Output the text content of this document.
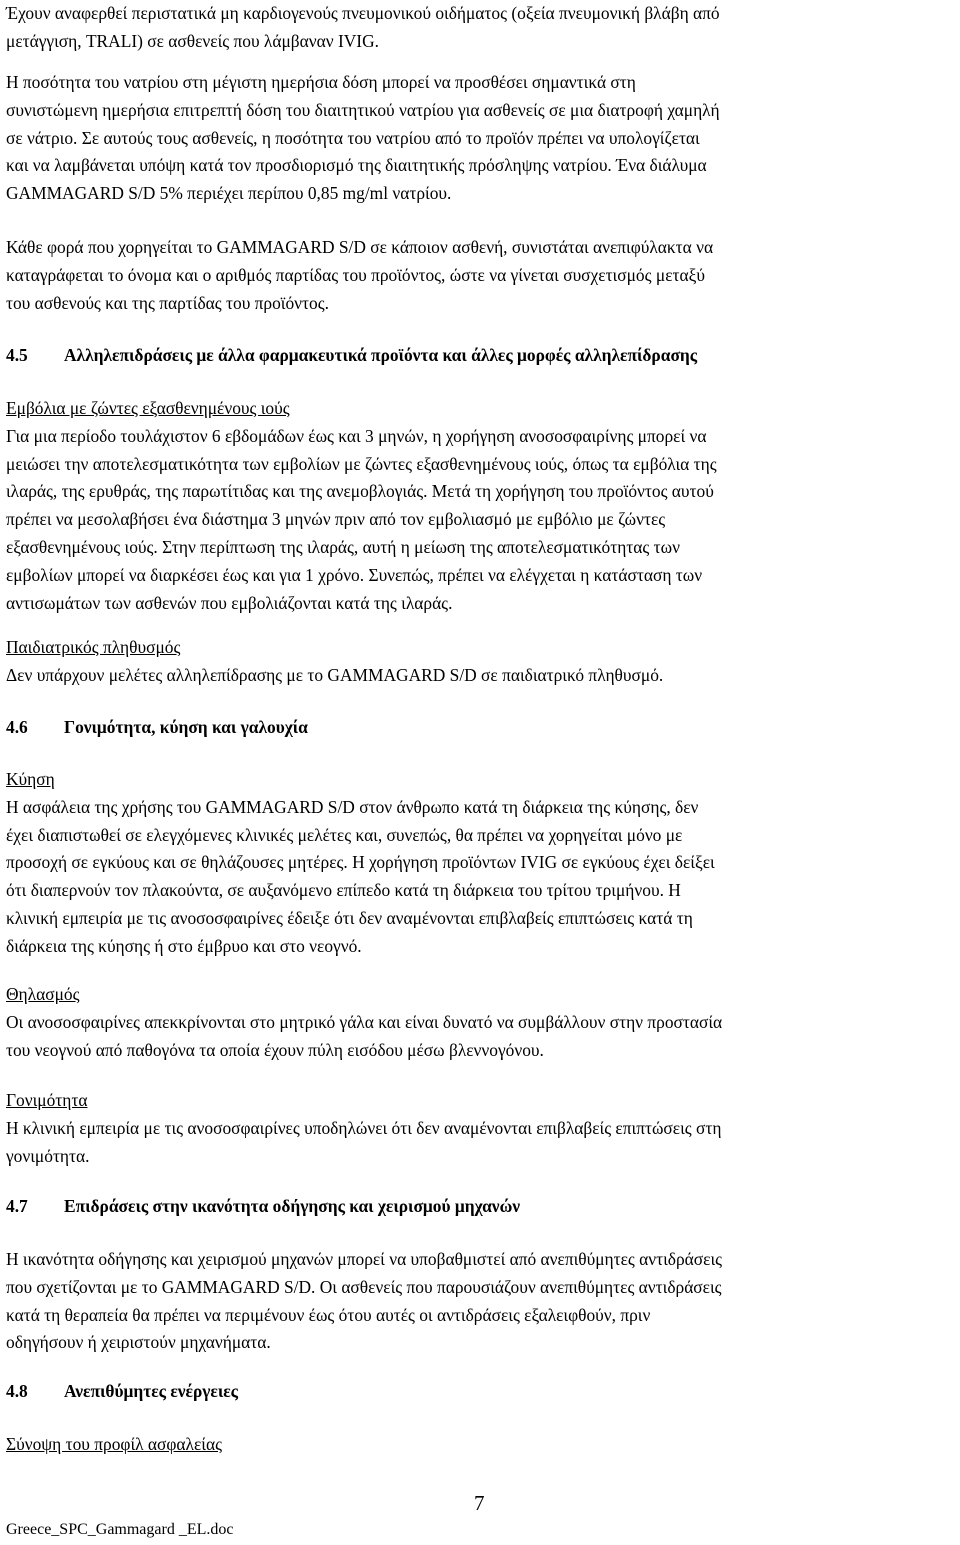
Έχουν αναφερθεί περιστατικά μη καρδιογενούς πνευμονικού οιδήματος (οξεία πνευμονική βλάβη από

μετάγγιση, TRALI) σε ασθενείς που λάμβαναν IVIG.

Η ποσότητα του νατρίου στη μέγιστη ημερήσια δόση μπορεί να προσθέσει σημαντικά στη

συνιστώμενη ημερήσια επιτρεπτή δόση του διαιτητικού νατρίου για ασθενείς σε μια διατροφή χαμηλή

σε νάτριο. Σε αυτούς τους ασθενείς, η ποσότητα του νατρίου από το προϊόν πρέπει να υπολογίζεται

και να λαμβάνεται υπόψη κατά τον προσδιορισμό της διαιτητικής πρόσληψης νατρίου. Ένα διάλυμα

GAMMAGARD S/D 5% περιέχει περίπου 0,85 mg/ml νατρίου.

Κάθε φορά που χορηγείται το GAMMAGARD S/D σε κάποιον ασθενή, συνιστάται ανεπιφύλακτα να

καταγράφεται το όνομα και ο αριθμός παρτίδας του προϊόντος, ώστε να γίνεται συσχετισμός μεταξύ

του ασθενούς και της παρτίδας του προϊόντος.

4.5 Αλληλεπιδράσεις με άλλα φαρμακευτικά προϊόντα και άλλες μορφές αλληλεπίδρασης

Εμβόλια με ζώντες εξασθενημένους ιούς

Για μια περίοδο τουλάχιστον 6 εβδομάδων έως και 3 μηνών, η χορήγηση ανοσοσφαιρίνης μπορεί να

μειώσει την αποτελεσματικότητα των εμβολίων με ζώντες εξασθενημένους ιούς, όπως τα εμβόλια της

ιλαράς, της ερυθράς, της παρωτίτιδας και της ανεμοβλογιάς. Μετά τη χορήγηση του προϊόντος αυτού

πρέπει να μεσολαβήσει ένα διάστημα 3 μηνών πριν από τον εμβολιασμό με εμβόλιο με ζώντες

εξασθενημένους ιούς. Στην περίπτωση της ιλαράς, αυτή η μείωση της αποτελεσματικότητας των

εμβολίων μπορεί να διαρκέσει έως και για 1 χρόνο. Συνεπώς, πρέπει να ελέγχεται η κατάσταση των

αντισωμάτων των ασθενών που εμβολιάζονται κατά της ιλαράς.

Παιδιατρικός πληθυσμός

Δεν υπάρχουν μελέτες αλληλεπίδρασης με το GAMMAGARD S/D σε παιδιατρικό πληθυσμό.

4.6 Γονιμότητα, κύηση και γαλουχία

Κύηση

Η ασφάλεια της χρήσης του GAMMAGARD S/D στον άνθρωπο κατά τη διάρκεια της κύησης, δεν

έχει διαπιστωθεί σε ελεγχόμενες κλινικές μελέτες και, συνεπώς, θα πρέπει να χορηγείται μόνο με

προσοχή σε εγκύους και σε θηλάζουσες μητέρες. Η χορήγηση προϊόντων IVIG σε εγκύους έχει δείξει

ότι διαπερνούν τον πλακούντα, σε αυξανόμενο επίπεδο κατά τη διάρκεια του τρίτου τριμήνου. Η

κλινική εμπειρία με τις ανοσοσφαιρίνες έδειξε ότι δεν αναμένονται επιβλαβείς επιπτώσεις κατά τη

διάρκεια της κύησης ή στο έμβρυο και στο νεογνό.

Θηλασμός

Οι ανοσοσφαιρίνες απεκκρίνονται στο μητρικό γάλα και είναι δυνατό να συμβάλλουν στην προστασία

του νεογνού από παθογόνα τα οποία έχουν πύλη εισόδου μέσω βλεννογόνου.

Γονιμότητα

Η κλινική εμπειρία με τις ανοσοσφαιρίνες υποδηλώνει ότι δεν αναμένονται επιβλαβείς επιπτώσεις στη

γονιμότητα.

4.7 Επιδράσεις στην ικανότητα οδήγησης και χειρισμού μηχανών

Η ικανότητα οδήγησης και χειρισμού μηχανών μπορεί να υποβαθμιστεί από ανεπιθύμητες αντιδράσεις

που σχετίζονται με το GAMMAGARD S/D. Οι ασθενείς που παρουσιάζουν ανεπιθύμητες αντιδράσεις

κατά τη θεραπεία θα πρέπει να περιμένουν έως ότου αυτές οι αντιδράσεις εξαλειφθούν, πριν

οδηγήσουν ή χειριστούν μηχανήματα.

4.8 Ανεπιθύμητες ενέργειες

Σύνοψη του προφίλ ασφαλείας

7
Greece_SPC_Gammagard _EL.doc
